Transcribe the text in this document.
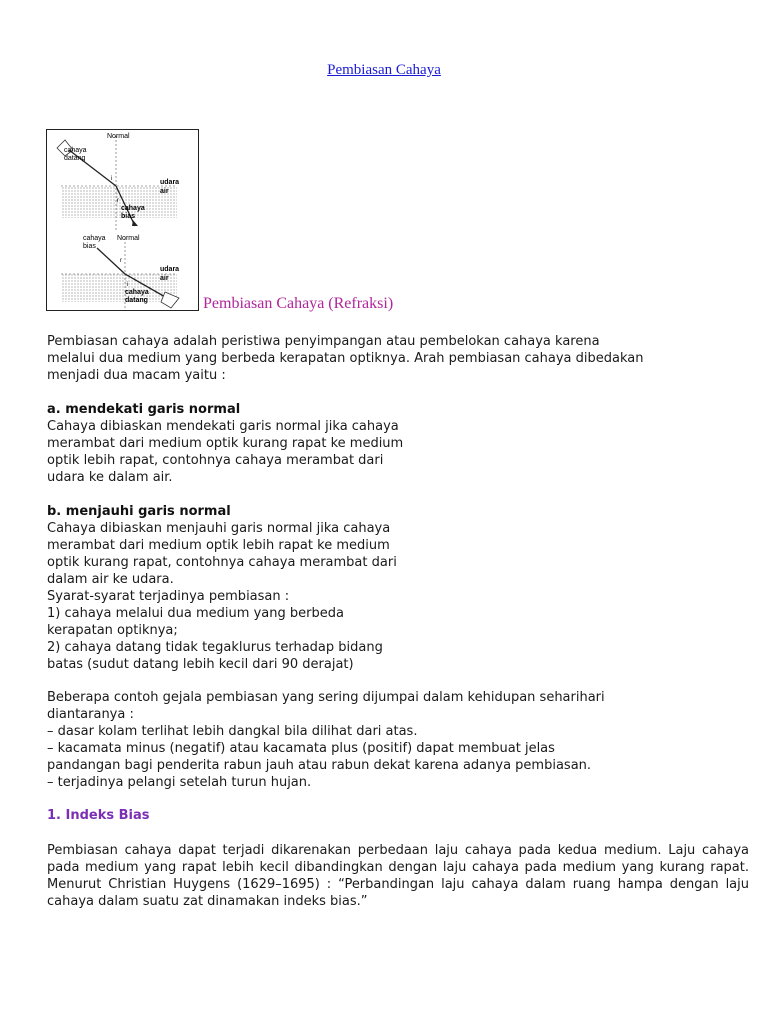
Pembiasan Cahaya
Normal
cahaya
datang
i
r
udara
air
cahaya
bias
cahaya
bias
Normal
r
i
udara
air
cahaya
datang	Pembiasan Cahaya (Refraksi)

Pembiasan cahaya adalah peristiwa penyimpangan atau pembelokan cahaya karena

melalui dua medium yang berbeda kerapatan optiknya. Arah pembiasan cahaya dibedakan

menjadi dua macam yaitu :

a. mendekati garis normal

Cahaya dibiaskan mendekati garis normal jika cahaya

merambat dari medium optik kurang rapat ke medium

optik lebih rapat, contohnya cahaya merambat dari

udara ke dalam air.

b. menjauhi garis normal

Cahaya dibiaskan menjauhi garis normal jika cahaya

merambat dari medium optik lebih rapat ke medium

optik kurang rapat, contohnya cahaya merambat dari

dalam air ke udara.

Syarat-syarat terjadinya pembiasan :

1) cahaya melalui dua medium yang berbeda

kerapatan optiknya;

2) cahaya datang tidak tegaklurus terhadap bidang

batas (sudut datang lebih kecil dari 90 derajat)

Beberapa contoh gejala pembiasan yang sering dijumpai dalam kehidupan seharihari

diantaranya :

– dasar kolam terlihat lebih dangkal bila dilihat dari atas.

– kacamata minus (negatif) atau kacamata plus (positif) dapat membuat jelas

pandangan bagi penderita rabun jauh atau rabun dekat karena adanya pembiasan.

– terjadinya pelangi setelah turun hujan.

1. Indeks Bias

Pembiasan cahaya dapat terjadi dikarenakan perbedaan laju cahaya pada kedua medium. Laju cahaya pada medium yang rapat lebih kecil dibandingkan dengan laju cahaya pada medium yang kurang rapat. Menurut Christian Huygens (1629–1695) : “Perbandingan laju cahaya dalam ruang hampa dengan laju cahaya dalam suatu zat dinamakan indeks bias.”
